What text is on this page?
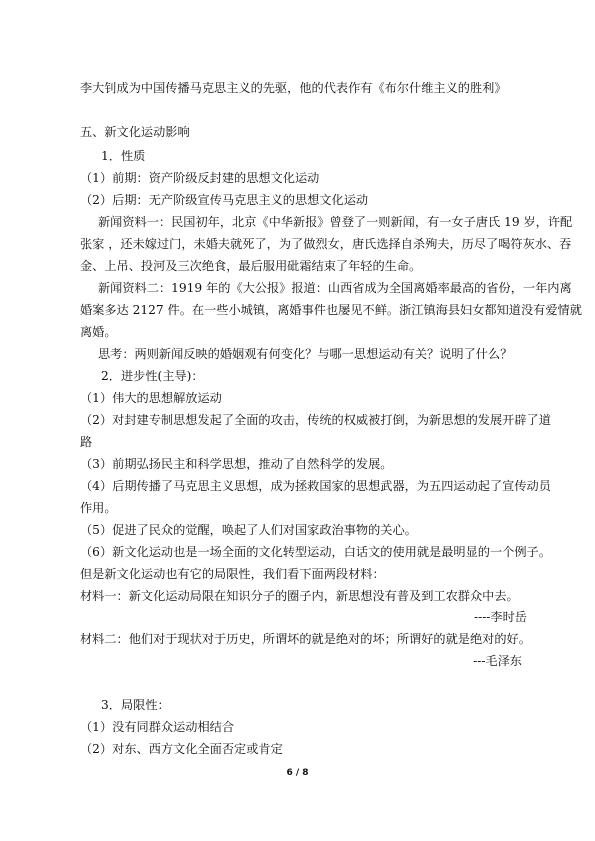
李大钊成为中国传播马克思主义的先驱，他的代表作有《布尔什维主义的胜利》
五、新文化运动影响
1．性质
（1）前期：资产阶级反封建的思想文化运动
（2）后期：无产阶级宣传马克思主义的思想文化运动
新闻资料一：民国初年，北京《中华新报》曾登了一则新闻，有一女子唐氏 19 岁，许配
张家 ，还未嫁过门，未婚夫就死了，为了做烈女，唐氏选择自杀殉夫，历尽了喝符灰水、吞
金、上吊、投河及三次绝食，最后服用砒霜结束了年轻的生命。
新闻资料二：1919 年的《大公报》报道：山西省成为全国离婚率最高的省份，一年内离
婚案多达 2127 件。在一些小城镇，离婚事件也屡见不鲜。浙江镇海县妇女都知道没有爱情就
离婚。
思考：两则新闻反映的婚姻观有何变化？与哪一思想运动有关？说明了什么？
2．进步性(主导)：
（1）伟大的思想解放运动
（2）对封建专制思想发起了全面的攻击，传统的权威被打倒，为新思想的发展开辟了道
路
（3）前期弘扬民主和科学思想，推动了自然科学的发展。
（4）后期传播了马克思主义思想，成为拯救国家的思想武器，为五四运动起了宣传动员
作用。
（5）促进了民众的觉醒，唤起了人们对国家政治事物的关心。
（6）新文化运动也是一场全面的文化转型运动，白话文的使用就是最明显的一个例子。
但是新文化运动也有它的局限性，我们看下面两段材料：
材料一：新文化运动局限在知识分子的圈子内，新思想没有普及到工农群众中去。
----李时岳
材料二：他们对于现状对于历史，所谓坏的就是绝对的坏；所谓好的就是绝对的好。
---毛泽东
3．局限性：
（1）没有同群众运动相结合
（2）对东、西方文化全面否定或肯定
6 / 8
